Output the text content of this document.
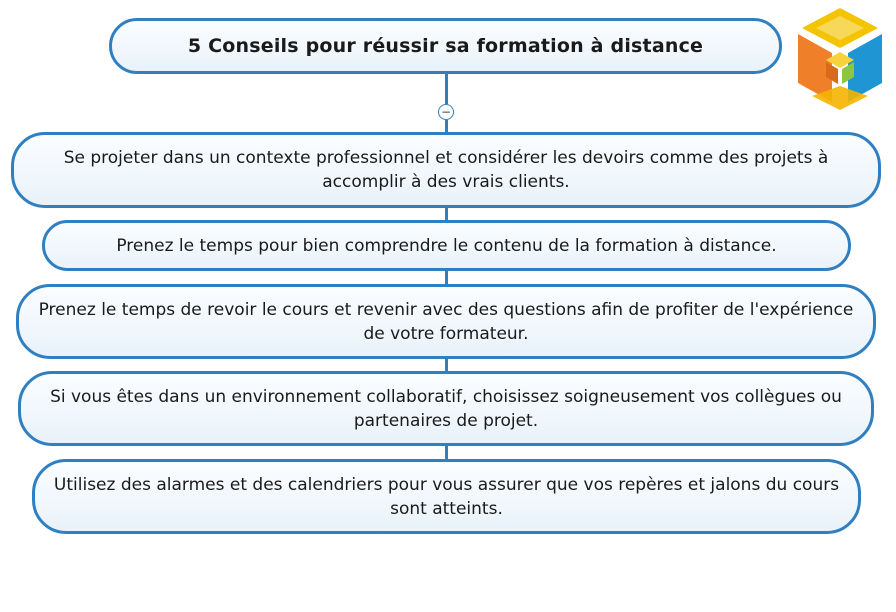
5 Conseils pour réussir sa formation à distance
−
Se projeter dans un contexte professionnel et considérer les devoirs comme des projets à accomplir à des vrais clients.
Prenez le temps pour bien comprendre le contenu de la formation à distance.
Prenez le temps de revoir le cours et revenir avec des questions afin de profiter de l'expérience de votre formateur.
Si vous êtes dans un environnement collaboratif, choisissez soigneusement vos collègues ou partenaires de projet.
Utilisez des alarmes et des calendriers pour vous assurer que vos repères et jalons du cours sont atteints.
